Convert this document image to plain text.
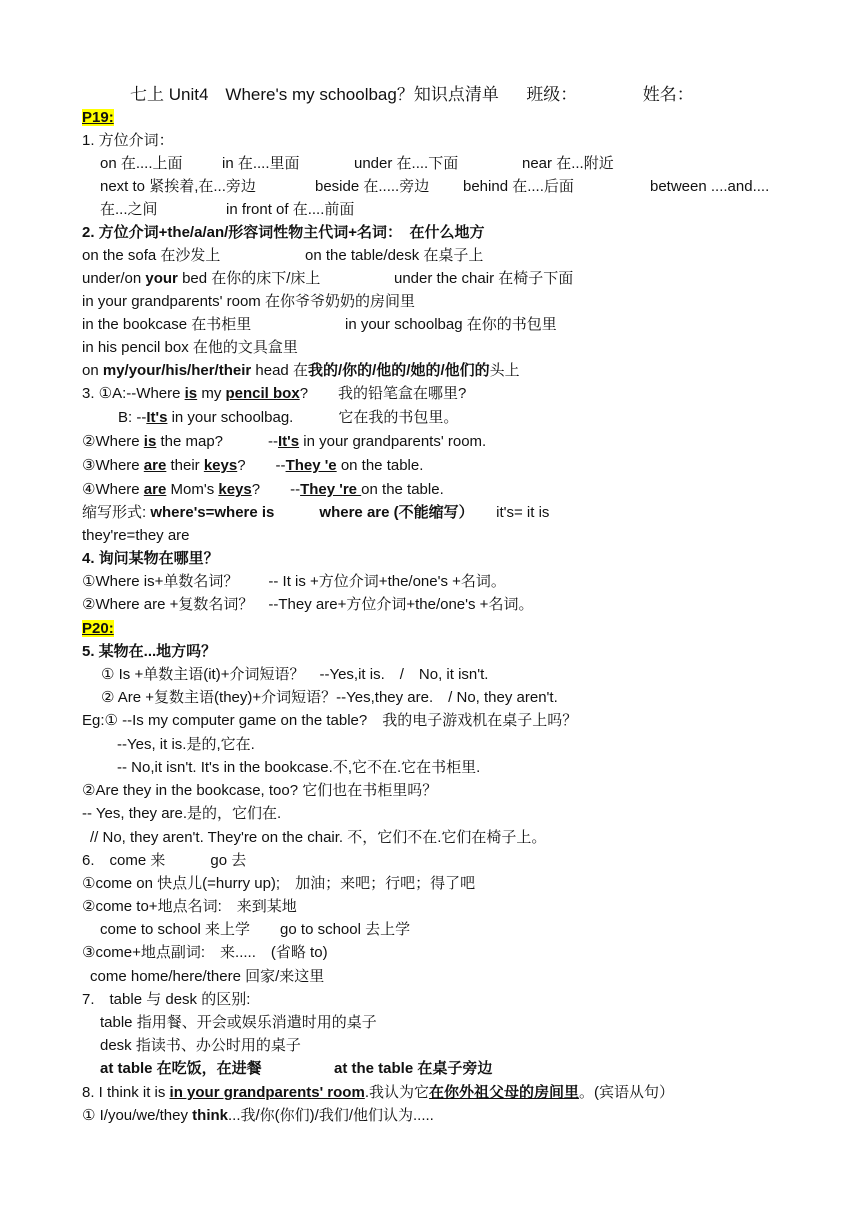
七上 Unit4　Where's my schoolbag？知识点清单 班级：	姓名：
P19:
1. 方位介词：
on 在....上面	in 在....里面	under 在....下面	near 在...附近
next to 紧挨着,在...旁边	beside 在.....旁边 behind 在....后面	between ....and....
在...之间	in front of 在....前面
2. 方位介词+the/a/an/形容词性物主代词+名词：　在什么地方
on the sofa 在沙发上	on the table/desk 在桌子上
under/on your bed 在你的床下/床上	under the chair 在椅子下面
in your grandparents' room 在你爷爷奶奶的房间里
in the bookcase 在书柜里	in your schoolbag 在你的书包里
in his pencil box 在他的文具盒里
on my/your/his/her/their head 在我的/你的/他的/她的/他们的头上
3. ①A:--Where is my pencil box?　　我的铅笔盒在哪里?
B: --It's in your schoolbag.　　　它在我的书包里。
②Where is the map?　　　--It's in your grandparents' room.
③Where are their keys?　　--They 'e on the table.
④Where are Mom's keys?　　--They 're on the table.
缩写形式: where's=where is　　　	where are (不能缩写）　　it's= it is
they're=they are
4. 询问某物在哪里？
①Where is+单数名词？　　-- It is +方位介词+the/one's +名词。
②Where are +复数名词？　--They are+方位介词+the/one's +名词。
P20:
5. 某物在...地方吗？
① Is +单数主语(it)+介词短语？　--Yes,it is.　/　No, it isn't.
② Are +复数主语(they)+介词短语？--Yes,they are.　/ No, they aren't.
Eg:① --Is my computer game on the table?　我的电子游戏机在桌子上吗？
--Yes, it is.是的,它在.
-- No,it isn't. It's in the bookcase.不,它不在.它在书柜里.
②Are they in the bookcase, too? 它们也在书柜里吗？
-- Yes, they are.是的，它们在.
// No, they aren't. They're on the chair. 不，它们不在.它们在椅子上。
6.　come 来　　　go 去
①come on 快点儿(=hurry up);　加油；来吧；行吧；得了吧
②come to+地点名词:　来到某地
come to school 来上学　　go to school 去上学
③come+地点副词:　来.....　(省略 to)
come home/here/there 回家/来这里
7.　table 与 desk 的区别:
table 指用餐、开会或娱乐消遣时用的桌子
desk 指读书、办公时用的桌子
at table 在吃饭，在进餐	at the table 在桌子旁边
8. I think it is in your grandparents' room.我认为它在你外祖父母的房间里。(宾语从句）
① I/you/we/they think...我/你(你们)/我们/他们认为.....
